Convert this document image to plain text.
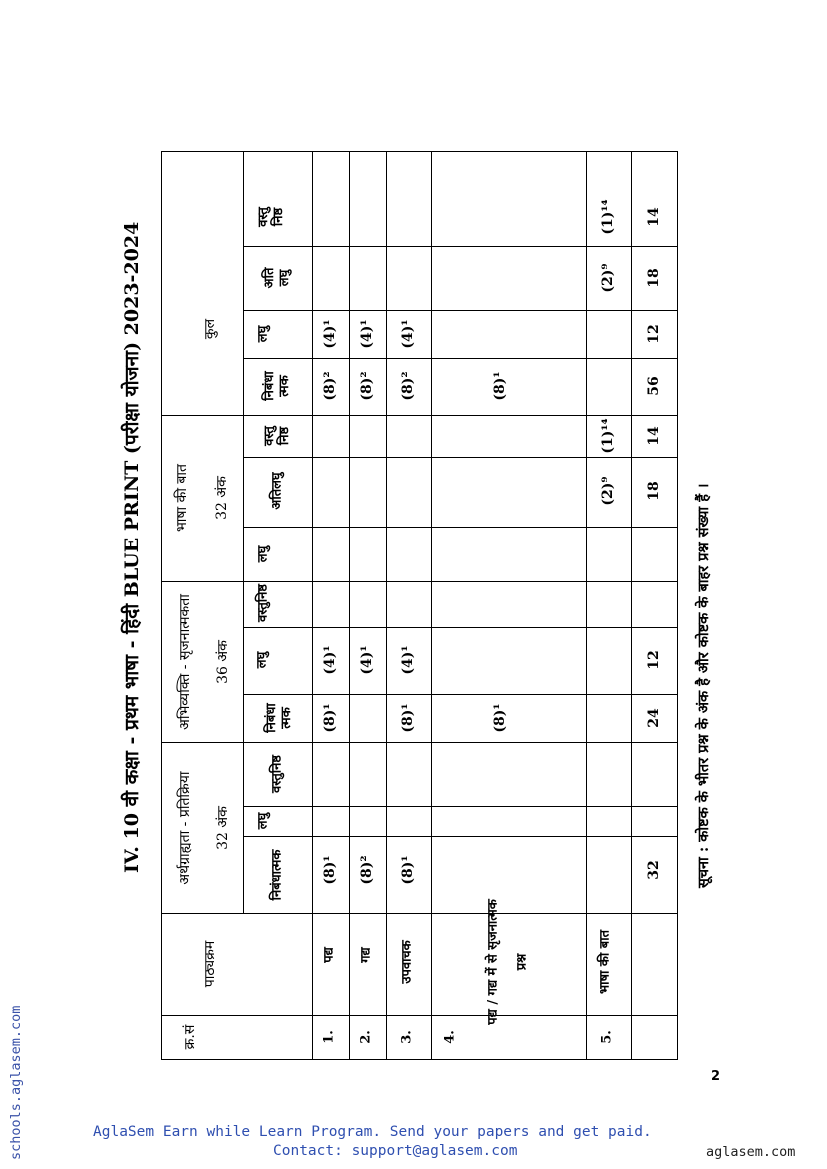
schools.aglasem.com
IV. 10 वी कक्षा - प्रथम भाषा - हिंदी BLUE PRINT (परीक्षा योजना) 2023-2024	सूचना : कोष्टक के भीतर प्रश्न के अंक है और कोष्टक के बाहर प्रश्न संख्या हैं ।
क्र.सं
पाठ्यक्रम
अर्थग्राह्यता - प्रतिक्रिया 32 अंक
अभिव्यक्ति - सृजनात्मकता 36 अंक
भाषा की बात 32 अंक
कुल
निबंधात्मक
लघु
वस्तुनिष्ठ
निबंधा त्मक
लघु
वस्तुनिष्ठ
लघु
अतिलघु
वस्तु निष्ठ
निबंधा त्मक
लघु
अति लघु
वस्तु निष्ठ
1.
पद्य
(8)¹
(8)¹
(4)¹
(8)²
(4)¹
2.
गद्य
(8)²
(4)¹
(8)²
(4)¹
3.
उपवाचक
(8)¹
(8)¹
(4)¹
(8)²
(4)¹
4.
पद्य / गद्य में से सृजनात्मक प्रश्न
(8)¹
(8)¹
5.
भाषा की बात
(2)⁹
(1)¹⁴
(2)⁹
(1)¹⁴
32
24
12
18
14
56
12
18
14
2
AglaSem Earn while Learn Program. Send your papers and get paid.
Contact: support@aglasem.com	aglasem.com
